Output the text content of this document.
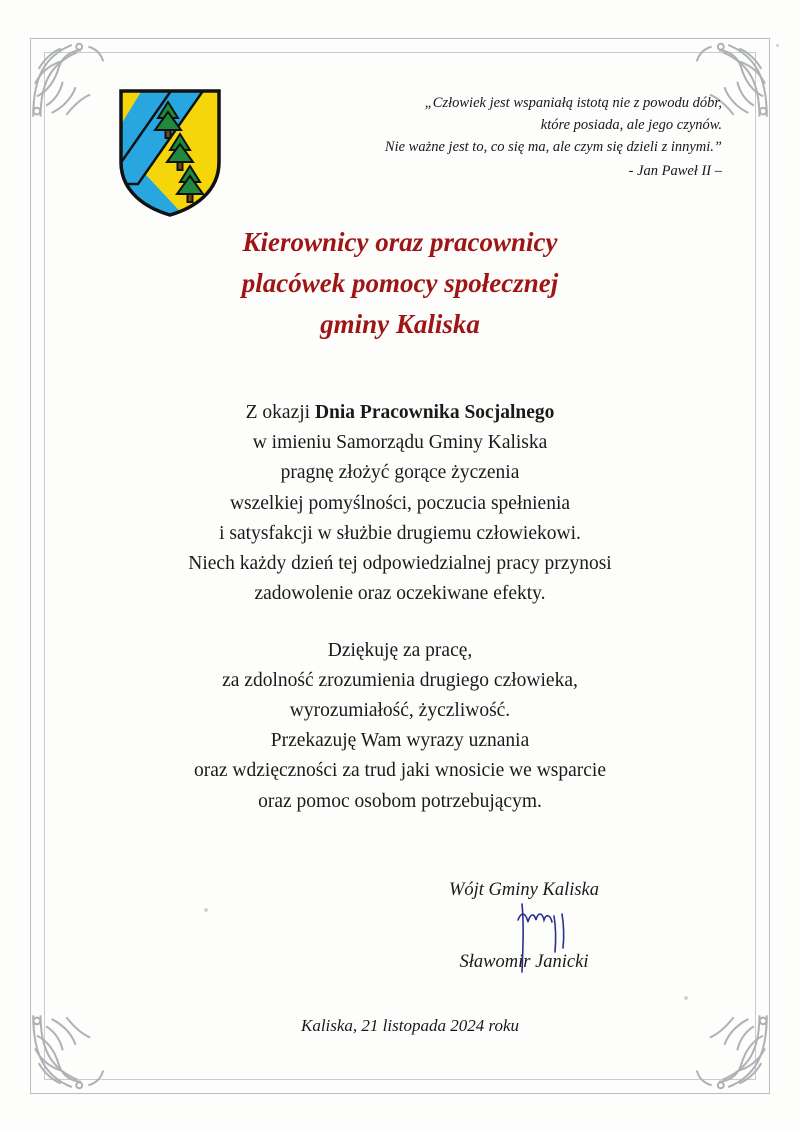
„Człowiek jest wspaniałą istotą nie z powodu dóbr,
które posiada, ale jego czynów.
Nie ważne jest to, co się ma, ale czym się dzieli z innymi.”
- Jan Paweł II –
Kierownicy oraz pracownicy
placówek pomocy społecznej
gminy Kaliska

Z okazji Dnia Pracownika Socjalnego

w imieniu Samorządu Gminy Kaliska

pragnę złożyć gorące życzenia

wszelkiej pomyślności, poczucia spełnienia

i satysfakcji w służbie drugiemu człowiekowi.

Niech każdy dzień tej odpowiedzialnej pracy przynosi

zadowolenie oraz oczekiwane efekty.

Dziękuję za pracę,

za zdolność zrozumienia drugiego człowieka,

wyrozumiałość, życzliwość.

Przekazuję Wam wyrazy uznania

oraz wdzięczności za trud jaki wnosicie we wsparcie

oraz pomoc osobom potrzebującym.

Wójt Gminy Kaliska
Sławomir Janicki
Kaliska, 21 listopada 2024 roku
